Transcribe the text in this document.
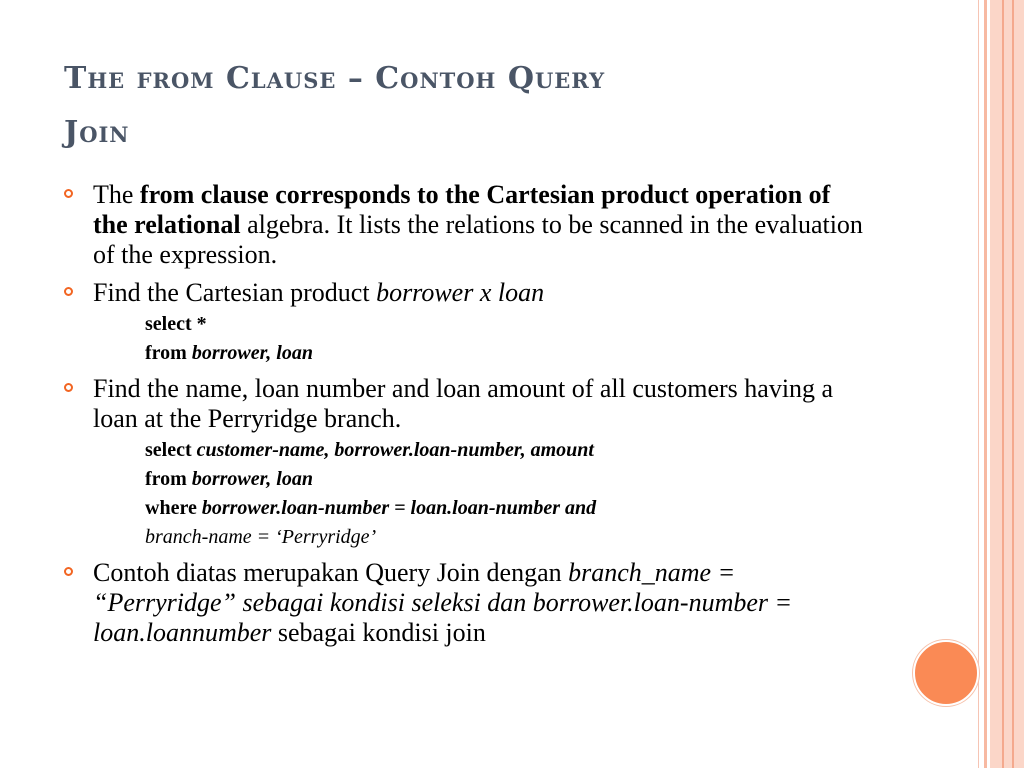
The from Clause – Contoh Query
Join
The from clause corresponds to the Cartesian product operation of the relational algebra. It lists the relations to be scanned in the evaluation of the expression.
Find the Cartesian product borrower x loan
select *
from borrower, loan
Find the name, loan number and loan amount of all customers having a loan at the Perryridge branch.
select customer-name, borrower.loan-number, amount
from borrower, loan
where borrower.loan-number = loan.loan-number and
branch-name = ‘Perryridge’
Contoh diatas merupakan Query Join dengan branch_name = “Perryridge” sebagai kondisi seleksi dan borrower.loan-number = loan.loannumber sebagai kondisi join
